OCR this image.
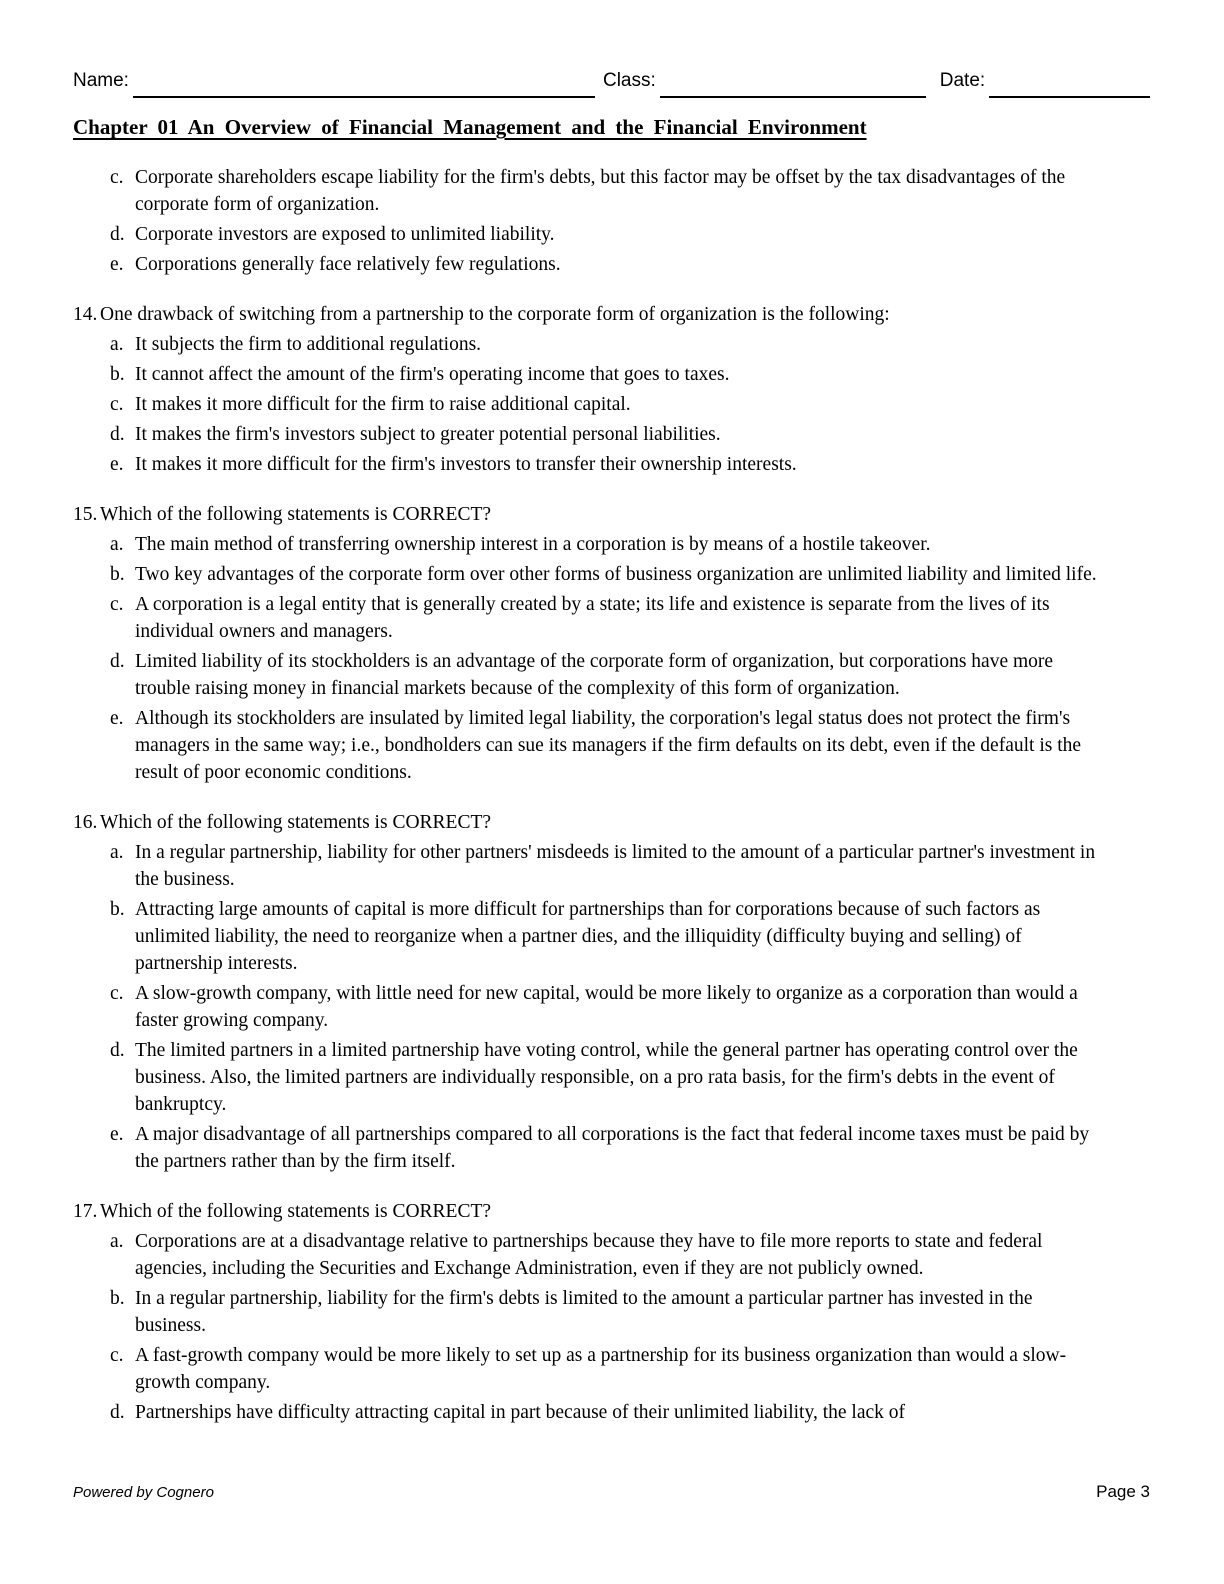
Name:	Class:	Date:
Chapter 01 An Overview of Financial Management and the Financial Environment
c. Corporate shareholders escape liability for the firm's debts, but this factor may be offset by the tax disadvantages of the corporate form of organization.
d. Corporate investors are exposed to unlimited liability.
e. Corporations generally face relatively few regulations.
14. One drawback of switching from a partnership to the corporate form of organization is the following:
a. It subjects the firm to additional regulations.
b. It cannot affect the amount of the firm's operating income that goes to taxes.
c. It makes it more difficult for the firm to raise additional capital.
d. It makes the firm's investors subject to greater potential personal liabilities.
e. It makes it more difficult for the firm's investors to transfer their ownership interests.
15. Which of the following statements is CORRECT?
a. The main method of transferring ownership interest in a corporation is by means of a hostile takeover.
b. Two key advantages of the corporate form over other forms of business organization are unlimited liability and limited life.
c. A corporation is a legal entity that is generally created by a state; its life and existence is separate from the lives of its individual owners and managers.
d. Limited liability of its stockholders is an advantage of the corporate form of organization, but corporations have more trouble raising money in financial markets because of the complexity of this form of organization.
e. Although its stockholders are insulated by limited legal liability, the corporation's legal status does not protect the firm's managers in the same way; i.e., bondholders can sue its managers if the firm defaults on its debt, even if the default is the result of poor economic conditions.
16. Which of the following statements is CORRECT?
a. In a regular partnership, liability for other partners' misdeeds is limited to the amount of a particular partner's investment in the business.
b. Attracting large amounts of capital is more difficult for partnerships than for corporations because of such factors as unlimited liability, the need to reorganize when a partner dies, and the illiquidity (difficulty buying and selling) of partnership interests.
c. A slow-growth company, with little need for new capital, would be more likely to organize as a corporation than would a faster growing company.
d. The limited partners in a limited partnership have voting control, while the general partner has operating control over the business. Also, the limited partners are individually responsible, on a pro rata basis, for the firm's debts in the event of bankruptcy.
e. A major disadvantage of all partnerships compared to all corporations is the fact that federal income taxes must be paid by the partners rather than by the firm itself.
17. Which of the following statements is CORRECT?
a. Corporations are at a disadvantage relative to partnerships because they have to file more reports to state and federal agencies, including the Securities and Exchange Administration, even if they are not publicly owned.
b. In a regular partnership, liability for the firm's debts is limited to the amount a particular partner has invested in the business.
c. A fast-growth company would be more likely to set up as a partnership for its business organization than would a slow-growth company.
d. Partnerships have difficulty attracting capital in part because of their unlimited liability, the lack of
Powered by Cognero	Page 3
